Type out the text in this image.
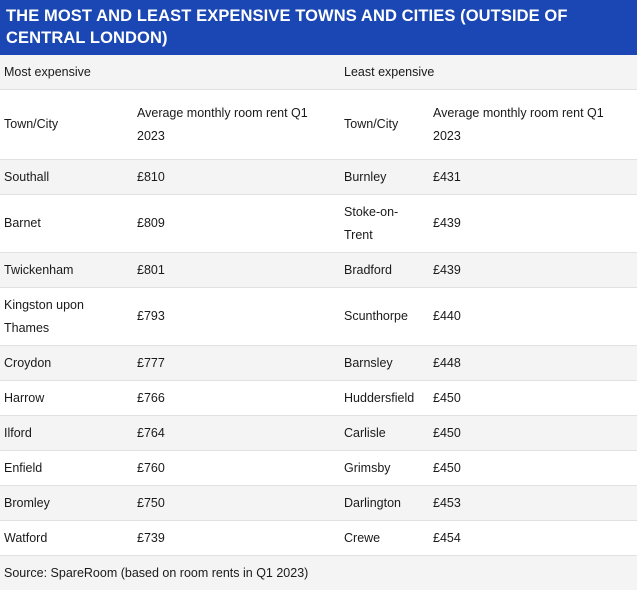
THE MOST AND LEAST EXPENSIVE TOWNS AND CITIES (OUTSIDE OF CENTRAL LONDON)
Most expensive		Least expensive	
Town/City	Average monthly room rent Q1 2023	Town/City	Average monthly room rent Q1 2023
Southall	£810	Burnley	£431
Barnet	£809	Stoke-on-Trent	£439
Twickenham	£801	Bradford	£439
Kingston upon Thames	£793	Scunthorpe	£440
Croydon	£777	Barnsley	£448
Harrow	£766	Huddersfield	£450
Ilford	£764	Carlisle	£450
Enfield	£760	Grimsby	£450
Bromley	£750	Darlington	£453
Watford	£739	Crewe	£454
Source: SpareRoom (based on room rents in Q1 2023)			
